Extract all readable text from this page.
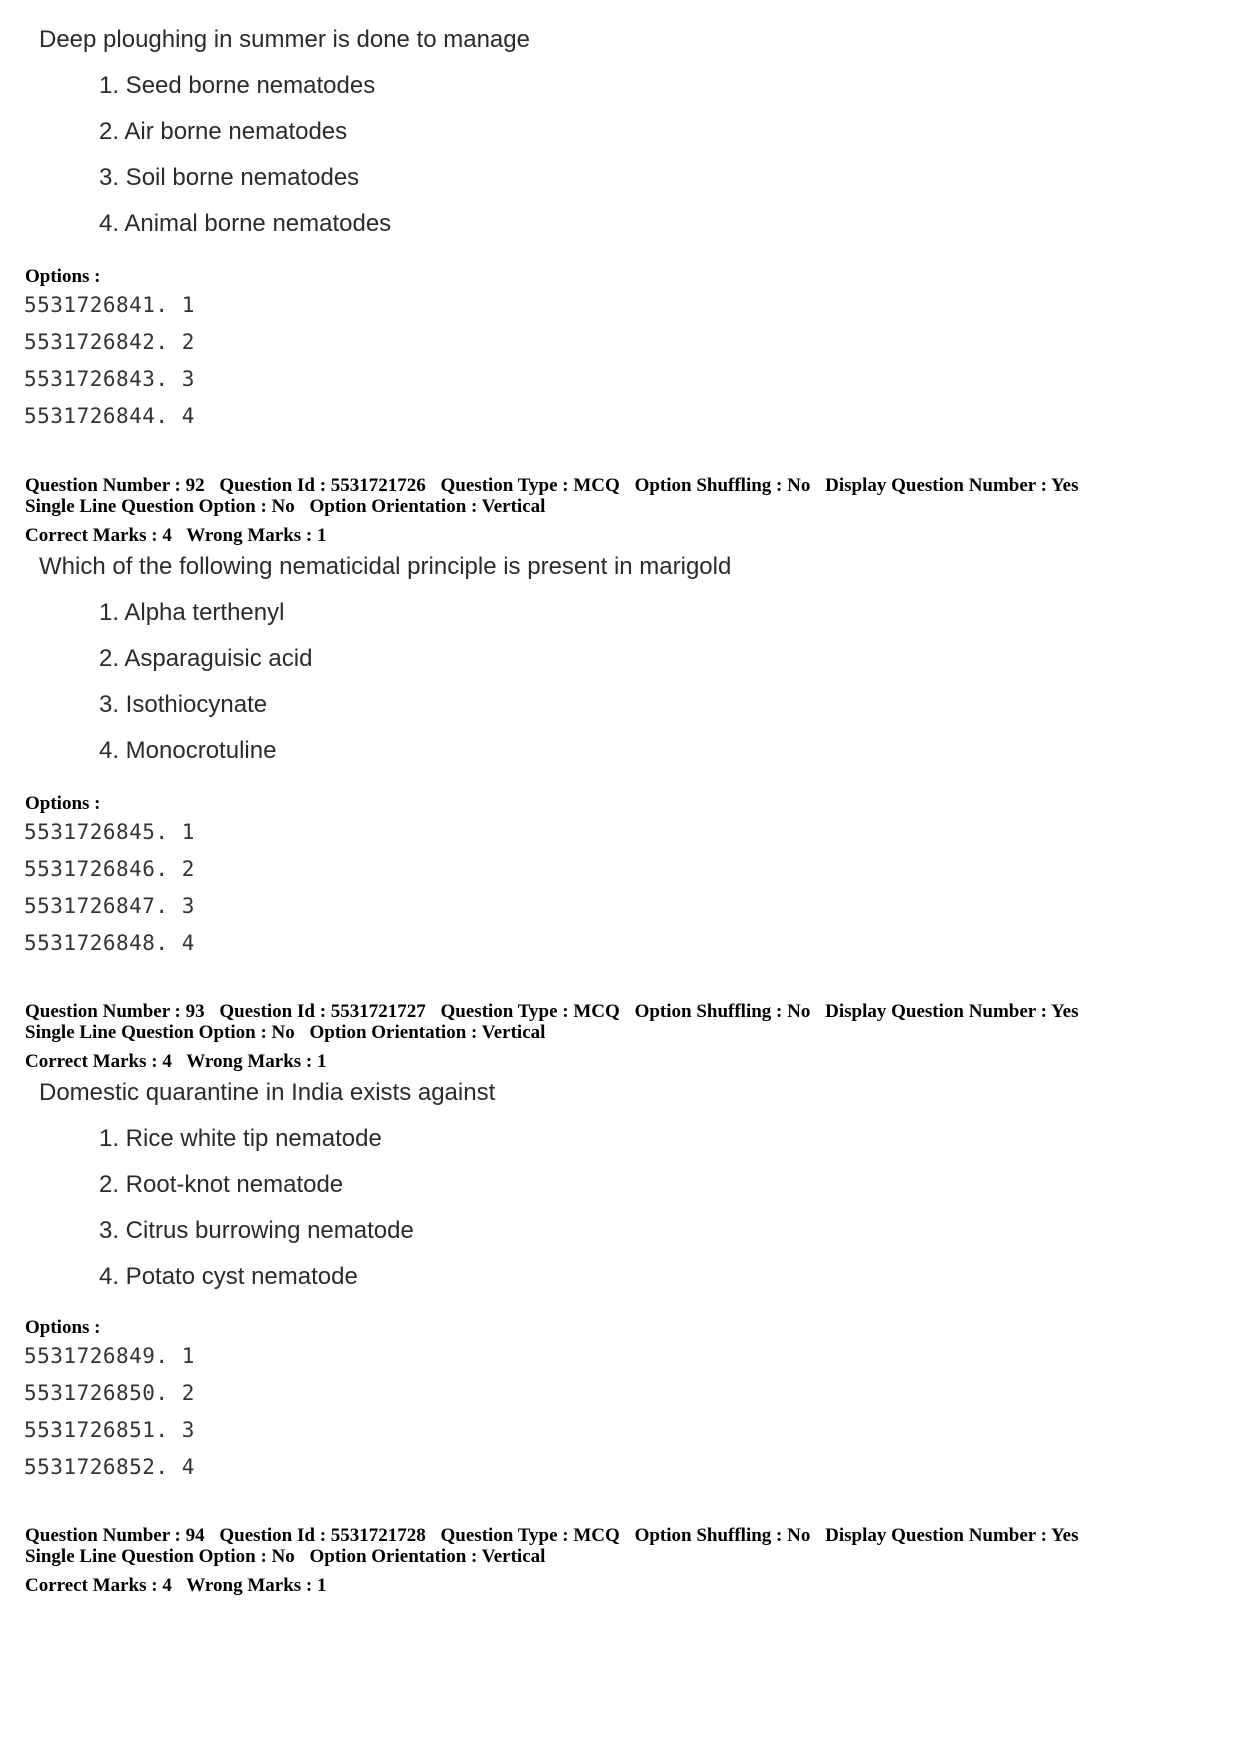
Deep ploughing in summer is done to manage
1. Seed borne nematodes
2. Air borne nematodes
3. Soil borne nematodes
4. Animal borne nematodes
Options :
5531726841. 1
5531726842. 2
5531726843. 3
5531726844. 4
Question Number : 92 Question Id : 5531721726 Question Type : MCQ Option Shuffling : No Display Question Number : Yes
Single Line Question Option : No Option Orientation : Vertical
Correct Marks : 4 Wrong Marks : 1
Which of the following nematicidal principle is present in marigold
1. Alpha terthenyl
2. Asparaguisic acid
3. Isothiocynate
4. Monocrotuline
Options :
5531726845. 1
5531726846. 2
5531726847. 3
5531726848. 4
Question Number : 93 Question Id : 5531721727 Question Type : MCQ Option Shuffling : No Display Question Number : Yes
Single Line Question Option : No Option Orientation : Vertical
Correct Marks : 4 Wrong Marks : 1
Domestic quarantine in India exists against
1. Rice white tip nematode
2. Root-knot nematode
3. Citrus burrowing nematode
4. Potato cyst nematode
Options :
5531726849. 1
5531726850. 2
5531726851. 3
5531726852. 4
Question Number : 94 Question Id : 5531721728 Question Type : MCQ Option Shuffling : No Display Question Number : Yes
Single Line Question Option : No Option Orientation : Vertical
Correct Marks : 4 Wrong Marks : 1
